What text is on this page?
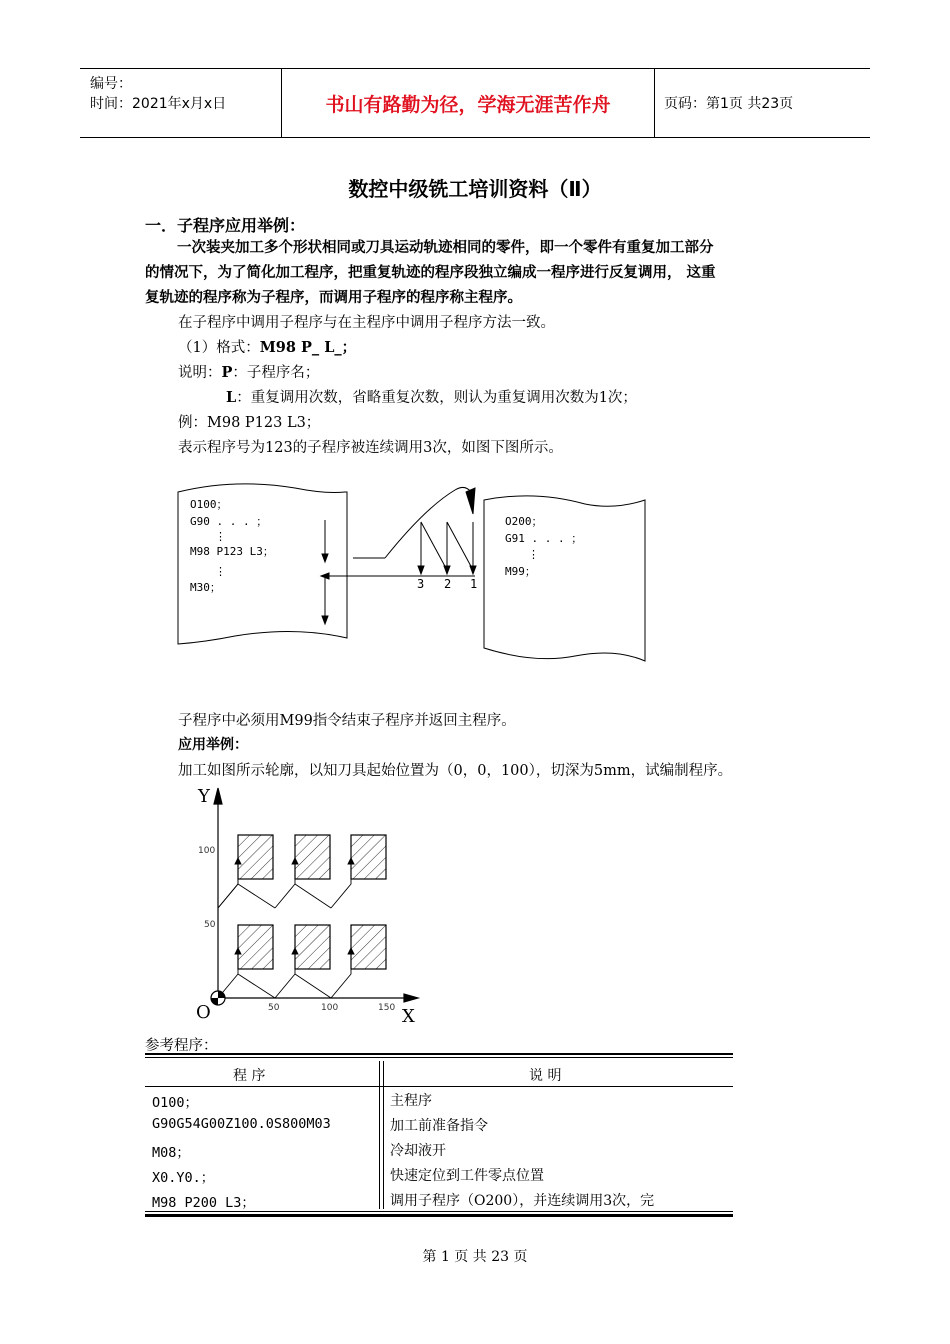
编号：
时间：2021年x月x日	书山有路勤为径，学海无涯苦作舟	页码：第1页 共23页
数控中级铣工培训资料（Ⅱ）
一．子程序应用举例：

一次装夹加工多个形状相同或刀具运动轨迹相同的零件，即一个零件有重复加工部分

的情况下，为了简化加工程序，把重复轨迹的程序段独立编成一程序进行反复调用， 这重

复轨迹的程序称为子程序，而调用子程序的程序称主程序。

在子程序中调用子程序与在主程序中调用子程序方法一致。
（1）格式：M98 P_ L_；
说明：P：子程序名；
L：重复调用次数，省略重复次数，则认为重复调用次数为1次；
例：M98 P123 L3；
表示程序号为123的子程序被连续调用3次，如图下图所示。
O100；
G90 . . . ；
⋮
M98 P123 L3；
⋮
M30；
O200；
G91 . . . ；
⋮
M99；
3 2 1
子程序中必须用M99指令结束子程序并返回主程序。
应用举例：
加工如图所示轮廓，以知刀具起始位置为（0，0，100），切深为5mm，试编制程序。
Y
X
O
100
50
50	100	150
参考程序：
程 序	说 明
O100；	主程序
G90G54G00Z100.0S800M03	加工前准备指令
M08；	冷却液开
X0.Y0.；	快速定位到工件零点位置
M98 P200 L3；	调用子程序（O200），并连续调用3次，完
第 1 页 共 23 页
